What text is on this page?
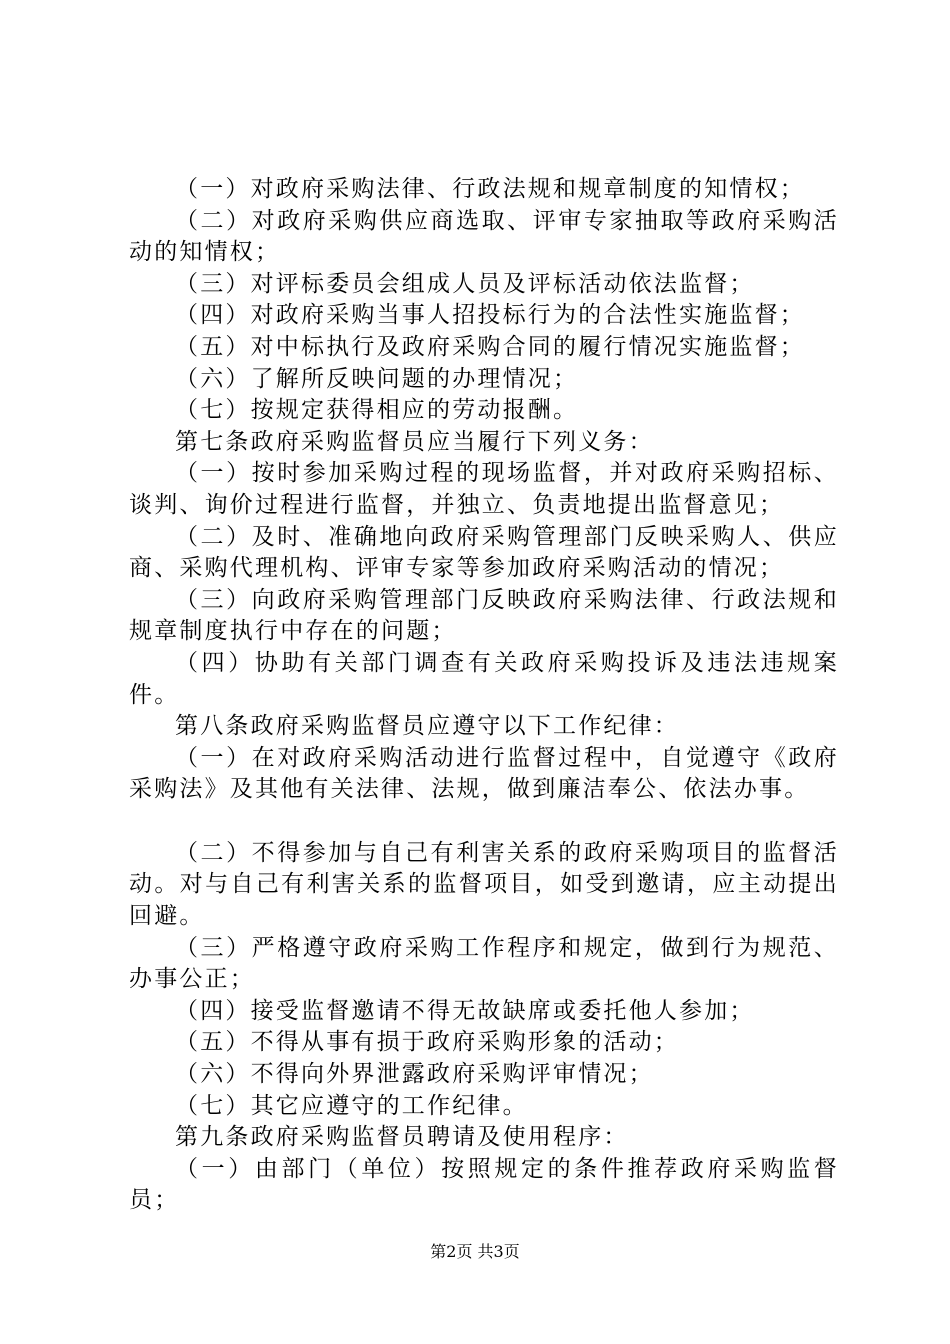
（一）对政府采购法律、行政法规和规章制度的知情权；

（二）对政府采购供应商选取、评审专家抽取等政府采购活动的知情权；

（三）对评标委员会组成人员及评标活动依法监督；

（四）对政府采购当事人招投标行为的合法性实施监督；

（五）对中标执行及政府采购合同的履行情况实施监督；

（六）了解所反映问题的办理情况；

（七）按规定获得相应的劳动报酬。

第七条政府采购监督员应当履行下列义务：

（一）按时参加采购过程的现场监督，并对政府采购招标、谈判、询价过程进行监督，并独立、负责地提出监督意见；

（二）及时、准确地向政府采购管理部门反映采购人、供应商、采购代理机构、评审专家等参加政府采购活动的情况；

（三）向政府采购管理部门反映政府采购法律、行政法规和规章制度执行中存在的问题；

（四）协助有关部门调查有关政府采购投诉及违法违规案件。

第八条政府采购监督员应遵守以下工作纪律：

（一）在对政府采购活动进行监督过程中，自觉遵守《政府采购法》及其他有关法律、法规，做到廉洁奉公、依法办事。

（二）不得参加与自己有利害关系的政府采购项目的监督活动。对与自己有利害关系的监督项目，如受到邀请，应主动提出回避。

（三）严格遵守政府采购工作程序和规定，做到行为规范、办事公正；

（四）接受监督邀请不得无故缺席或委托他人参加；

（五）不得从事有损于政府采购形象的活动；

（六）不得向外界泄露政府采购评审情况；

（七）其它应遵守的工作纪律。

第九条政府采购监督员聘请及使用程序：

（一）由部门（单位）按照规定的条件推荐政府采购监督员；

第2页 共3页
